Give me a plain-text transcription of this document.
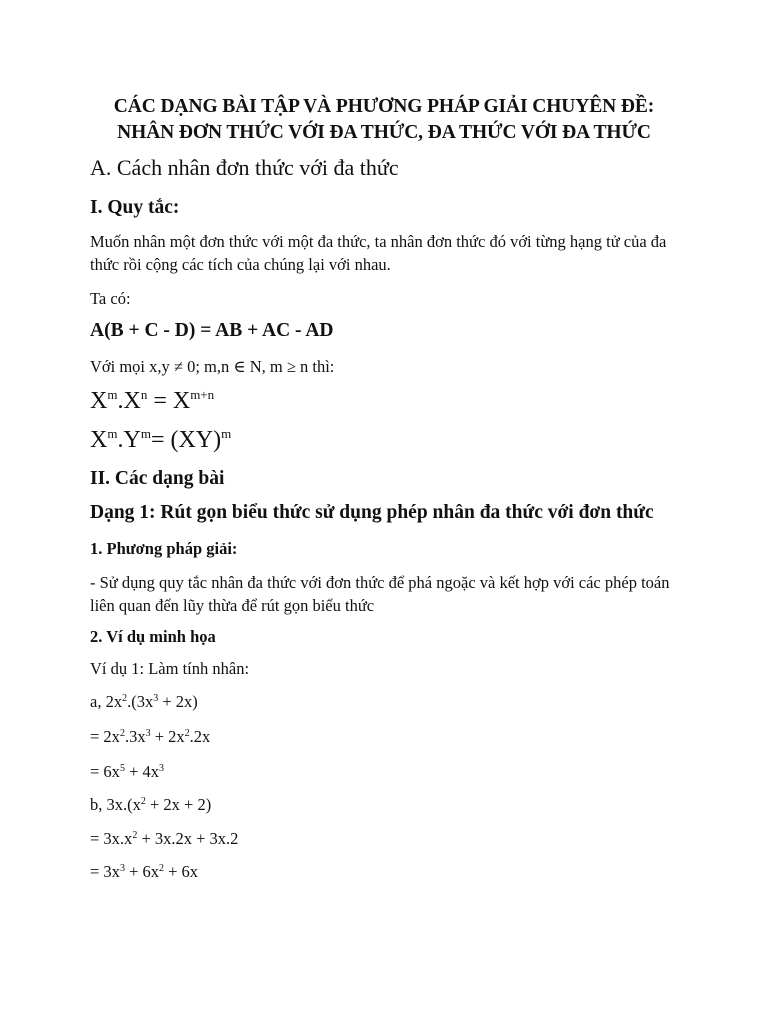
CÁC DẠNG BÀI TẬP VÀ PHƯƠNG PHÁP GIẢI CHUYÊN ĐỀ:

NHÂN ĐƠN THỨC VỚI ĐA THỨC, ĐA THỨC VỚI ĐA THỨC

A. Cách nhân đơn thức với đa thức

I. Quy tắc:

Muốn nhân một đơn thức với một đa thức, ta nhân đơn thức đó với từng hạng tử của đa thức rồi cộng các tích của chúng lại với nhau.

Ta có:

A(B + C - D) = AB + AC - AD

Với mọi x,y ≠ 0; m,n ∈ N, m ≥ n thì:

$X^m.X^n = X^{m+n}$

$X^m.Y^m= (XY)^m$

II. Các dạng bài

Dạng 1: Rút gọn biểu thức sử dụng phép nhân đa thức với đơn thức

1. Phương pháp giải:

- Sử dụng quy tắc nhân đa thức với đơn thức để phá ngoặc và kết hợp với các phép toán liên quan đến lũy thừa để rút gọn biểu thức

2. Ví dụ minh họa

Ví dụ 1: Làm tính nhân:

a, $2x^2.(3x^3 + 2x)$

= $2x^2.3x^3 + 2x^2.2x$

= $6x^5 + 4x^3$

b, $3x.(x^2 + 2x + 2)$

= $3x.x^2 + 3x.2x + 3x.2$

= $3x^3 + 6x^2 + 6x$
